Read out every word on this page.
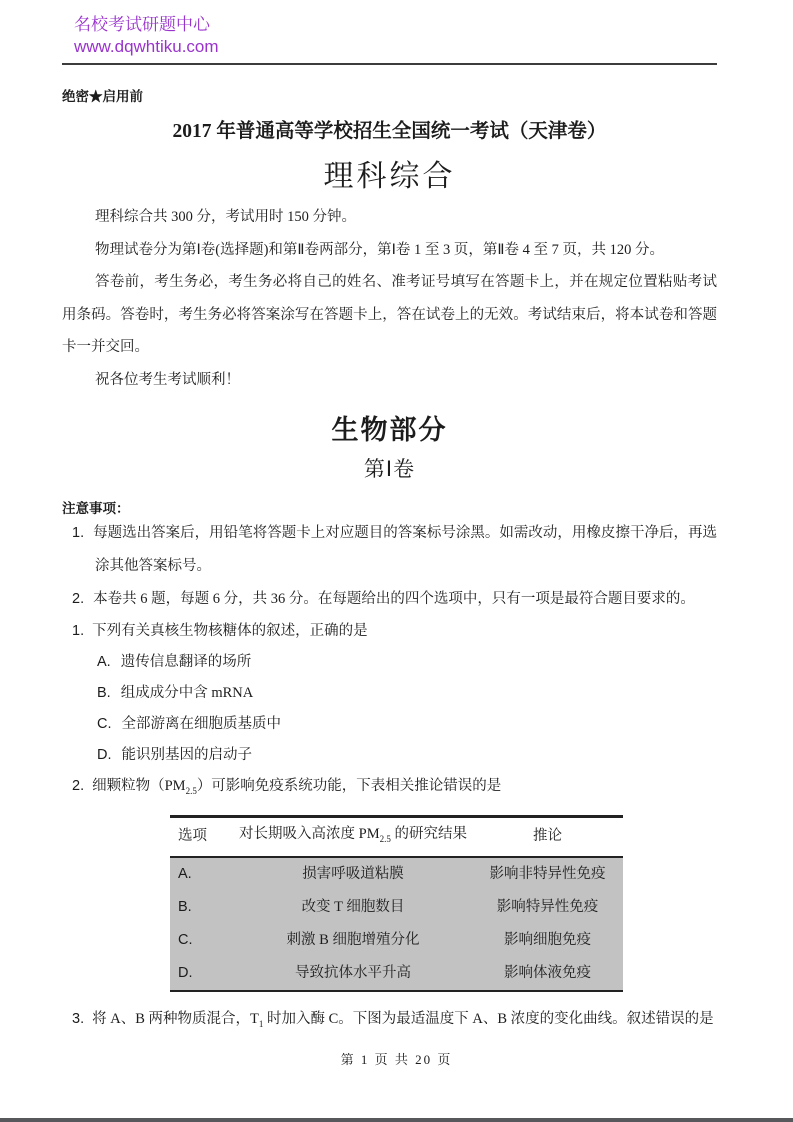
名校考试研题中心
www.dqwhtiku.com
绝密★启用前
2017 年普通高等学校招生全国统一考试（天津卷）
理科综合

理科综合共 300 分，考试用时 150 分钟。

物理试卷分为第Ⅰ卷(选择题)和第Ⅱ卷两部分，第Ⅰ卷 1 至 3 页，第Ⅱ卷 4 至 7 页，共 120 分。

答卷前，考生务必，考生务必将自己的姓名、准考证号填写在答题卡上，并在规定位置粘贴考试用条码。答卷时，考生务必将答案涂写在答题卡上，答在试卷上的无效。考试结束后，将本试卷和答题卡一并交回。

祝各位考生考试顺利！

生物部分
第Ⅰ卷
注意事项：
1. 每题选出答案后，用铅笔将答题卡上对应题目的答案标号涂黑。如需改动，用橡皮擦干净后，再选涂其他答案标号。
2. 本卷共 6 题，每题 6 分，共 36 分。在每题给出的四个选项中，只有一项是最符合题目要求的。
1. 下列有关真核生物核糖体的叙述，正确的是
A. 遗传信息翻译的场所
B. 组成成分中含 mRNA
C. 全部游离在细胞质基质中
D. 能识别基因的启动子
2. 细颗粒物$(PM_{2.5})$可影响免疫系统功能，下表相关推论错误的是
选项	对长期吸入高浓度 $PM_{2.5}$ 的研究结果	推论
A.	损害呼吸道粘膜	影响非特异性免疫
B.	改变 T 细胞数目	影响特异性免疫
C.	刺激 B 细胞增殖分化	影响细胞免疫
D.	导致抗体水平升高	影响体液免疫
3. 将 A、B 两种物质混合，$T_1$ 时加入酶 C。下图为最适温度下 A、B 浓度的变化曲线。叙述错误的是
第 1 页 共 20 页
